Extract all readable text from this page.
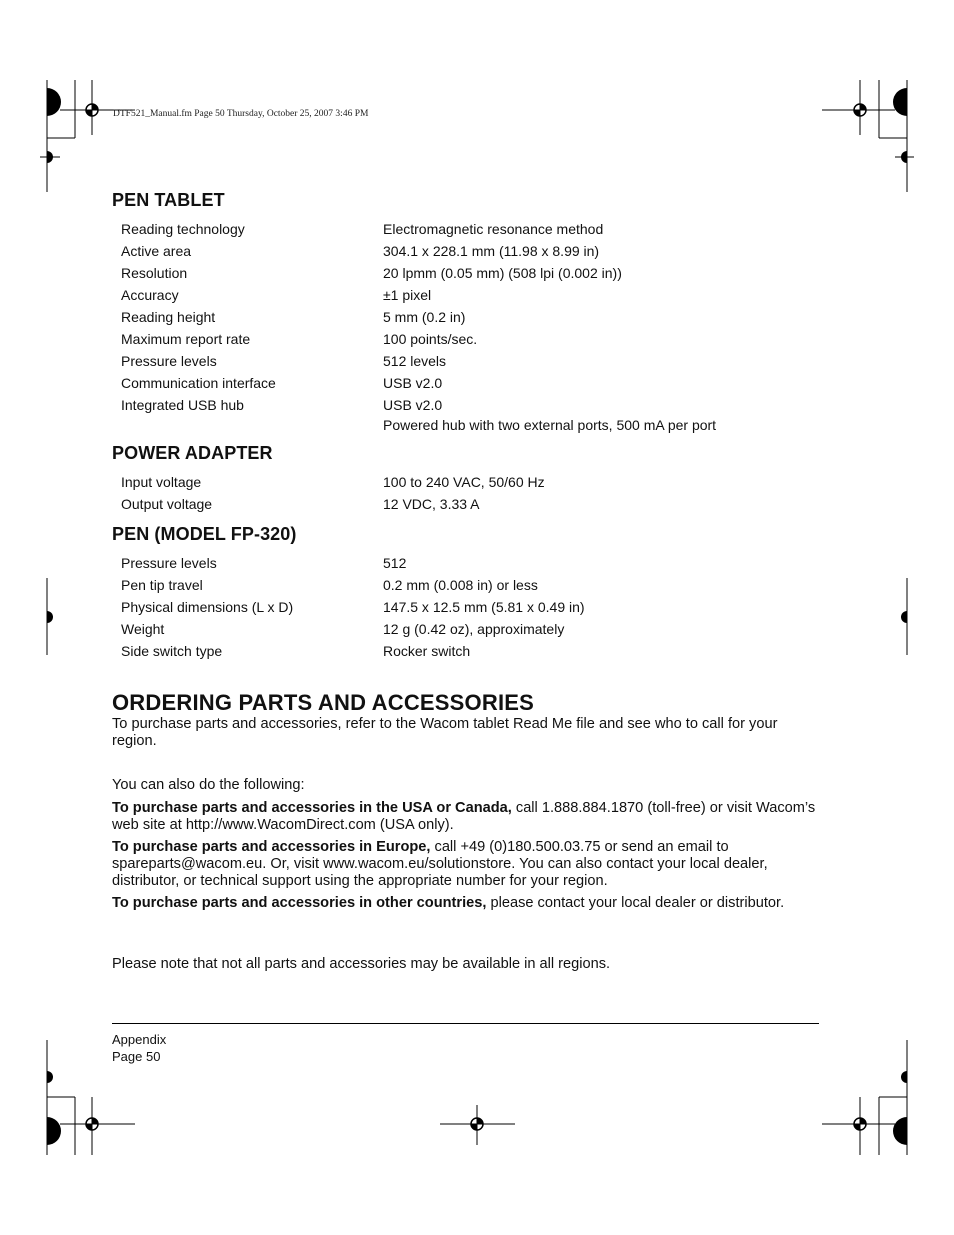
DTF521_Manual.fm Page 50 Thursday, October 25, 2007 3:46 PM
PEN TABLET
Reading technology	Electromagnetic resonance method
Active area	304.1 x 228.1 mm (11.98 x 8.99 in)
Resolution	20 lpmm (0.05 mm) (508 lpi (0.002 in))
Accuracy	±1 pixel
Reading height	5 mm (0.2 in)
Maximum report rate	100 points/sec.
Pressure levels	512 levels
Communication interface	USB v2.0
Integrated USB hub	USB v2.0
Powered hub with two external ports, 500 mA per port
POWER ADAPTER
Input voltage	100 to 240 VAC, 50/60 Hz
Output voltage	12 VDC, 3.33 A
PEN (MODEL FP-320)
Pressure levels	512
Pen tip travel	0.2 mm (0.008 in) or less
Physical dimensions (L x D)	147.5 x 12.5 mm (5.81 x 0.49 in)
Weight	12 g (0.42 oz), approximately
Side switch type	Rocker switch
ORDERING PARTS AND ACCESSORIES

To purchase parts and accessories, refer to the Wacom tablet Read Me file and see who to call for your region.

You can also do the following:

To purchase parts and accessories in the USA or Canada, call 1.888.884.1870 (toll-free) or visit Wacom’s web site at http://www.WacomDirect.com (USA only).

To purchase parts and accessories in Europe, call +49 (0)180.500.03.75 or send an email to spareparts@wacom.eu. Or, visit www.wacom.eu/solutionstore. You can also contact your local dealer, distributor, or technical support using the appropriate number for your region.

To purchase parts and accessories in other countries, please contact your local dealer or distributor.

Please note that not all parts and accessories may be available in all regions.

Appendix
Page 50
